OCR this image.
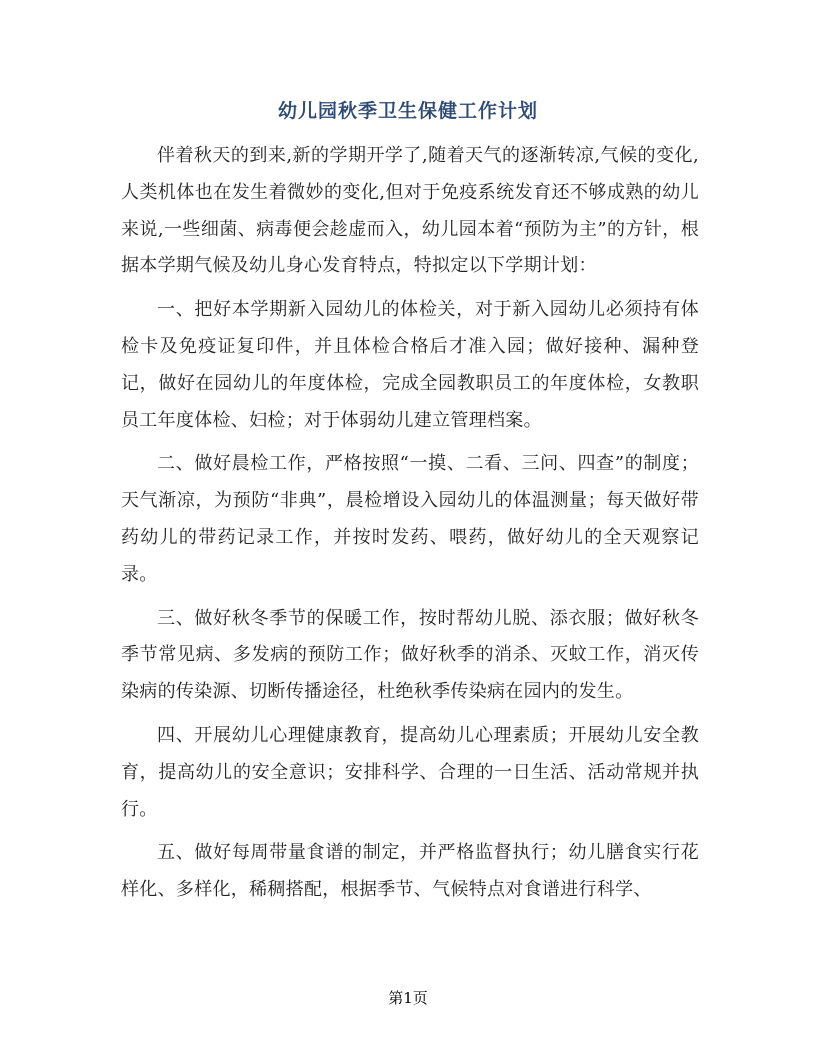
幼儿园秋季卫生保健工作计划

伴着秋天的到来,新的学期开学了,随着天气的逐渐转凉,气候的变化,人类机体也在发生着微妙的变化,但对于免疫系统发育还不够成熟的幼儿来说,一些细菌、病毒便会趁虚而入，幼儿园本着“预防为主”的方针，根据本学期气候及幼儿身心发育特点，特拟定以下学期计划：

一、把好本学期新入园幼儿的体检关，对于新入园幼儿必须持有体检卡及免疫证复印件，并且体检合格后才准入园；做好接种、漏种登记，做好在园幼儿的年度体检，完成全园教职员工的年度体检，女教职员工年度体检、妇检；对于体弱幼儿建立管理档案。

二、做好晨检工作，严格按照“一摸、二看、三问、四查”的制度；天气渐凉，为预防“非典”，晨检增设入园幼儿的体温测量；每天做好带药幼儿的带药记录工作，并按时发药、喂药，做好幼儿的全天观察记录。

三、做好秋冬季节的保暖工作，按时帮幼儿脱、添衣服；做好秋冬季节常见病、多发病的预防工作；做好秋季的消杀、灭蚊工作，消灭传染病的传染源、切断传播途径，杜绝秋季传染病在园内的发生。

四、开展幼儿心理健康教育，提高幼儿心理素质；开展幼儿安全教育，提高幼儿的安全意识；安排科学、合理的一日生活、活动常规并执行。

五、做好每周带量食谱的制定，并严格监督执行；幼儿膳食实行花样化、多样化，稀稠搭配，根据季节、气候特点对食谱进行科学、

第1页
